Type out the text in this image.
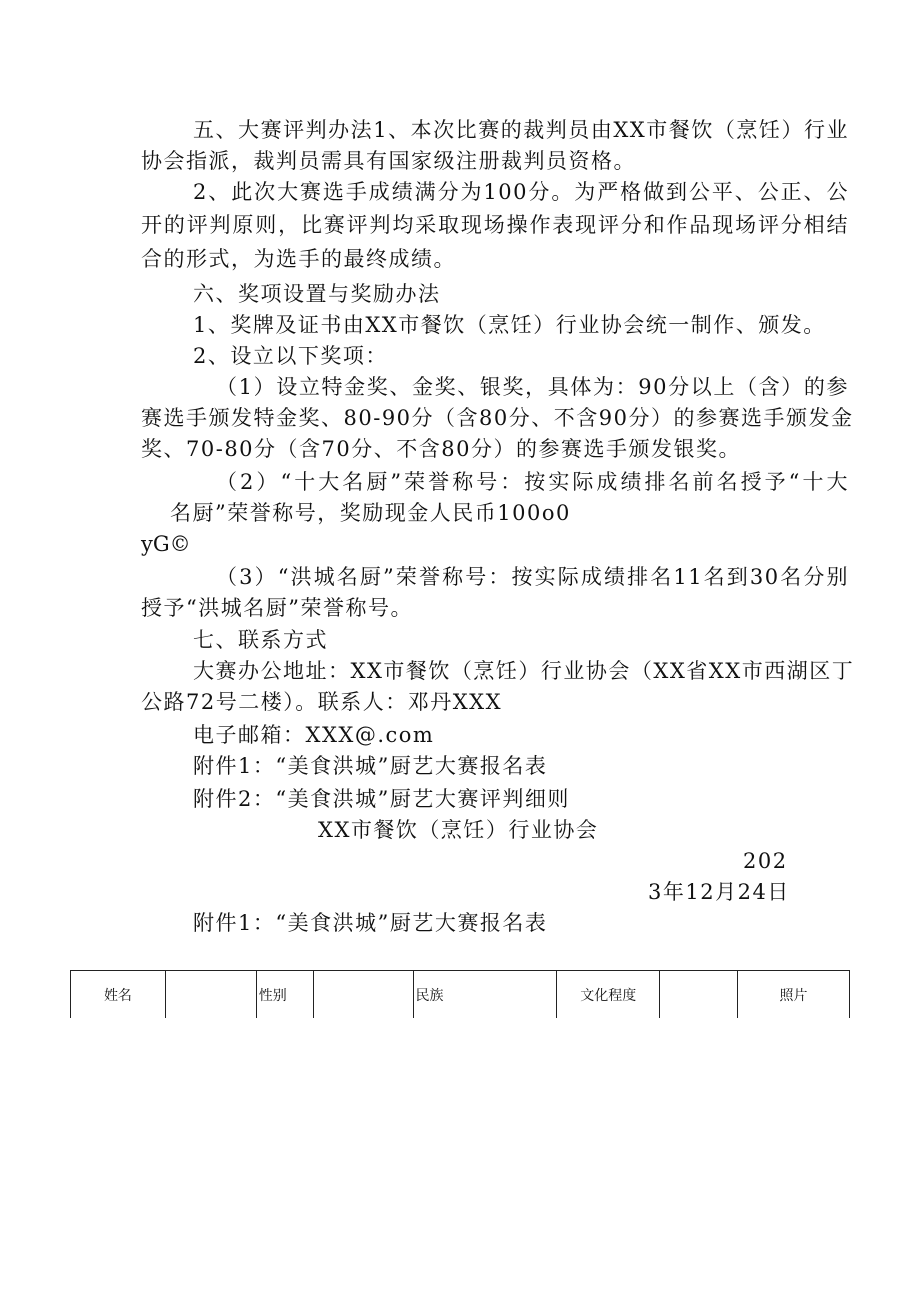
五、大赛评判办法1、本次比赛的裁判员由XX市餐饮（烹饪）行业
协会指派，裁判员需具有国家级注册裁判员资格。
2、此次大赛选手成绩满分为100分。为严格做到公平、公正、公
开的评判原则，比赛评判均采取现场操作表现评分和作品现场评分相结
合的形式，为选手的最终成绩。
六、奖项设置与奖励办法
1、奖牌及证书由XX市餐饮（烹饪）行业协会统一制作、颁发。
2、设立以下奖项：
（1）设立特金奖、金奖、银奖，具体为：90分以上（含）的参
赛选手颁发特金奖、80-90分（含80分、不含90分）的参赛选手颁发金
奖、70-80分（含70分、不含80分）的参赛选手颁发银奖。
（2）“十大名厨”荣誉称号：按实际成绩排名前名授予“十大
名厨”荣誉称号，奖励现金人民币100o0
yG©
（3）“洪城名厨”荣誉称号：按实际成绩排名11名到30名分别
授予“洪城名厨”荣誉称号。
七、联系方式
大赛办公地址：XX市餐饮（烹饪）行业协会（XX省XX市西湖区丁
公路72号二楼）。联系人：邓丹XXX
电子邮箱：XXX@.com
附件1：“美食洪城”厨艺大赛报名表
附件2：“美食洪城”厨艺大赛评判细则
XX市餐饮（烹饪）行业协会
202
3年12月24日
附件1：“美食洪城”厨艺大赛报名表
姓名		性别		民族	文化程度		照片
